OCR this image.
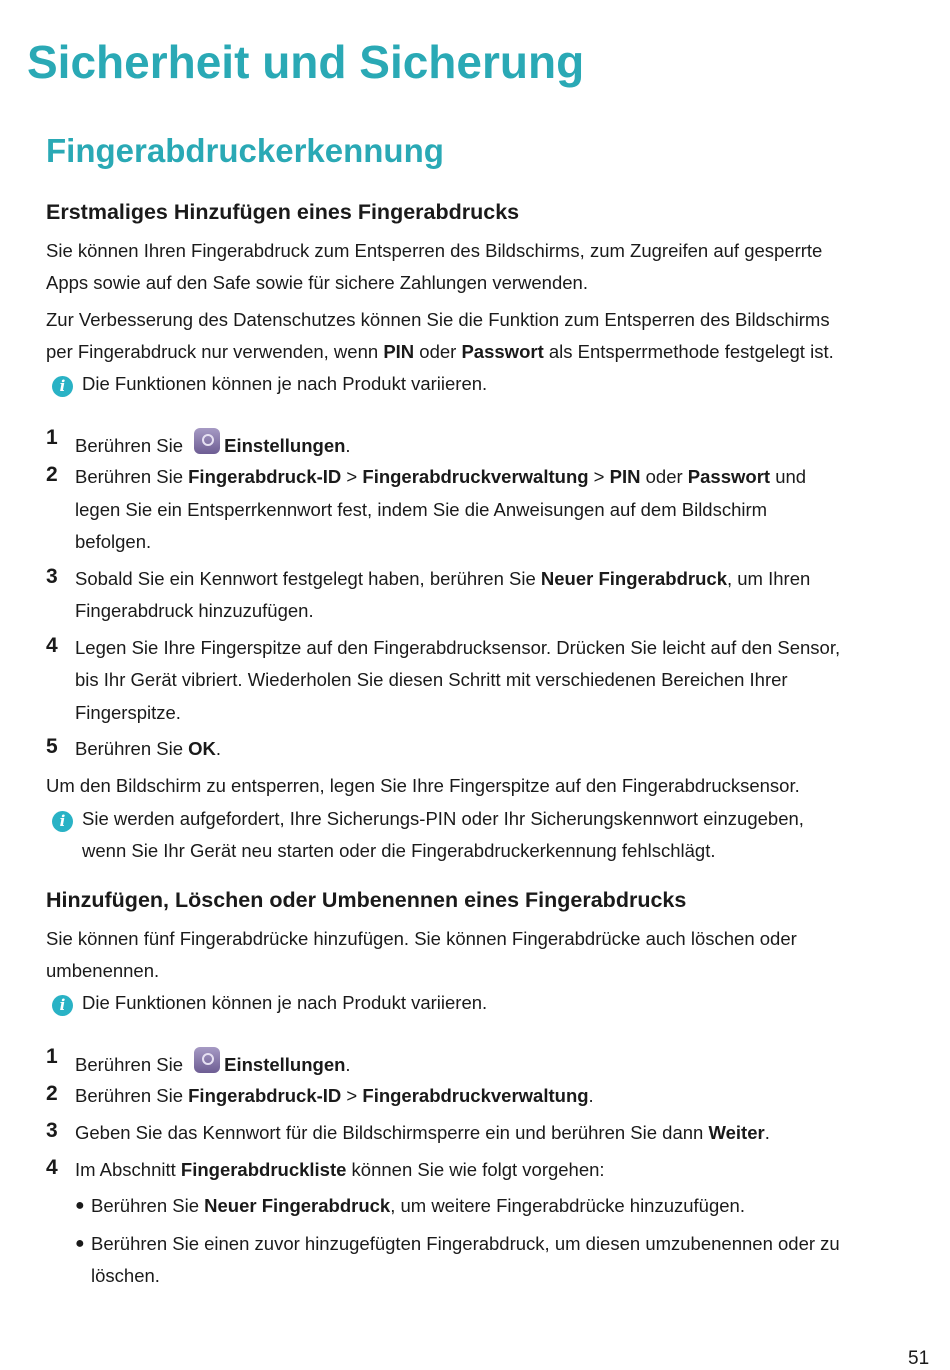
Sicherheit und Sicherung
Fingerabdruckerkennung
Erstmaliges Hinzufügen eines Fingerabdrucks
Sie können Ihren Fingerabdruck zum Entsperren des Bildschirms, zum Zugreifen auf gesperrte
Apps sowie auf den Safe sowie für sichere Zahlungen verwenden.
Zur Verbesserung des Datenschutzes können Sie die Funktion zum Entsperren des Bildschirms
per Fingerabdruck nur verwenden, wenn PIN oder Passwort als Entsperrmethode festgelegt ist.
i Die Funktionen können je nach Produkt variieren.
1 Berühren Sie Einstellungen.
2 Berühren Sie Fingerabdruck-ID > Fingerabdruckverwaltung > PIN oder Passwort und
legen Sie ein Entsperrkennwort fest, indem Sie die Anweisungen auf dem Bildschirm
befolgen.
3 Sobald Sie ein Kennwort festgelegt haben, berühren Sie Neuer Fingerabdruck, um Ihren
Fingerabdruck hinzuzufügen.
4 Legen Sie Ihre Fingerspitze auf den Fingerabdrucksensor. Drücken Sie leicht auf den Sensor,
bis Ihr Gerät vibriert. Wiederholen Sie diesen Schritt mit verschiedenen Bereichen Ihrer
Fingerspitze.
5 Berühren Sie OK.
Um den Bildschirm zu entsperren, legen Sie Ihre Fingerspitze auf den Fingerabdrucksensor.
i Sie werden aufgefordert, Ihre Sicherungs-PIN oder Ihr Sicherungskennwort einzugeben,
wenn Sie Ihr Gerät neu starten oder die Fingerabdruckerkennung fehlschlägt.
Hinzufügen, Löschen oder Umbenennen eines Fingerabdrucks
Sie können fünf Fingerabdrücke hinzufügen. Sie können Fingerabdrücke auch löschen oder
umbenennen.
i Die Funktionen können je nach Produkt variieren.
1 Berühren Sie Einstellungen.
2 Berühren Sie Fingerabdruck-ID > Fingerabdruckverwaltung.
3 Geben Sie das Kennwort für die Bildschirmsperre ein und berühren Sie dann Weiter.
4 Im Abschnitt Fingerabdruckliste können Sie wie folgt vorgehen:
● Berühren Sie Neuer Fingerabdruck, um weitere Fingerabdrücke hinzuzufügen.
● Berühren Sie einen zuvor hinzugefügten Fingerabdruck, um diesen umzubenennen oder zu
löschen.
51
